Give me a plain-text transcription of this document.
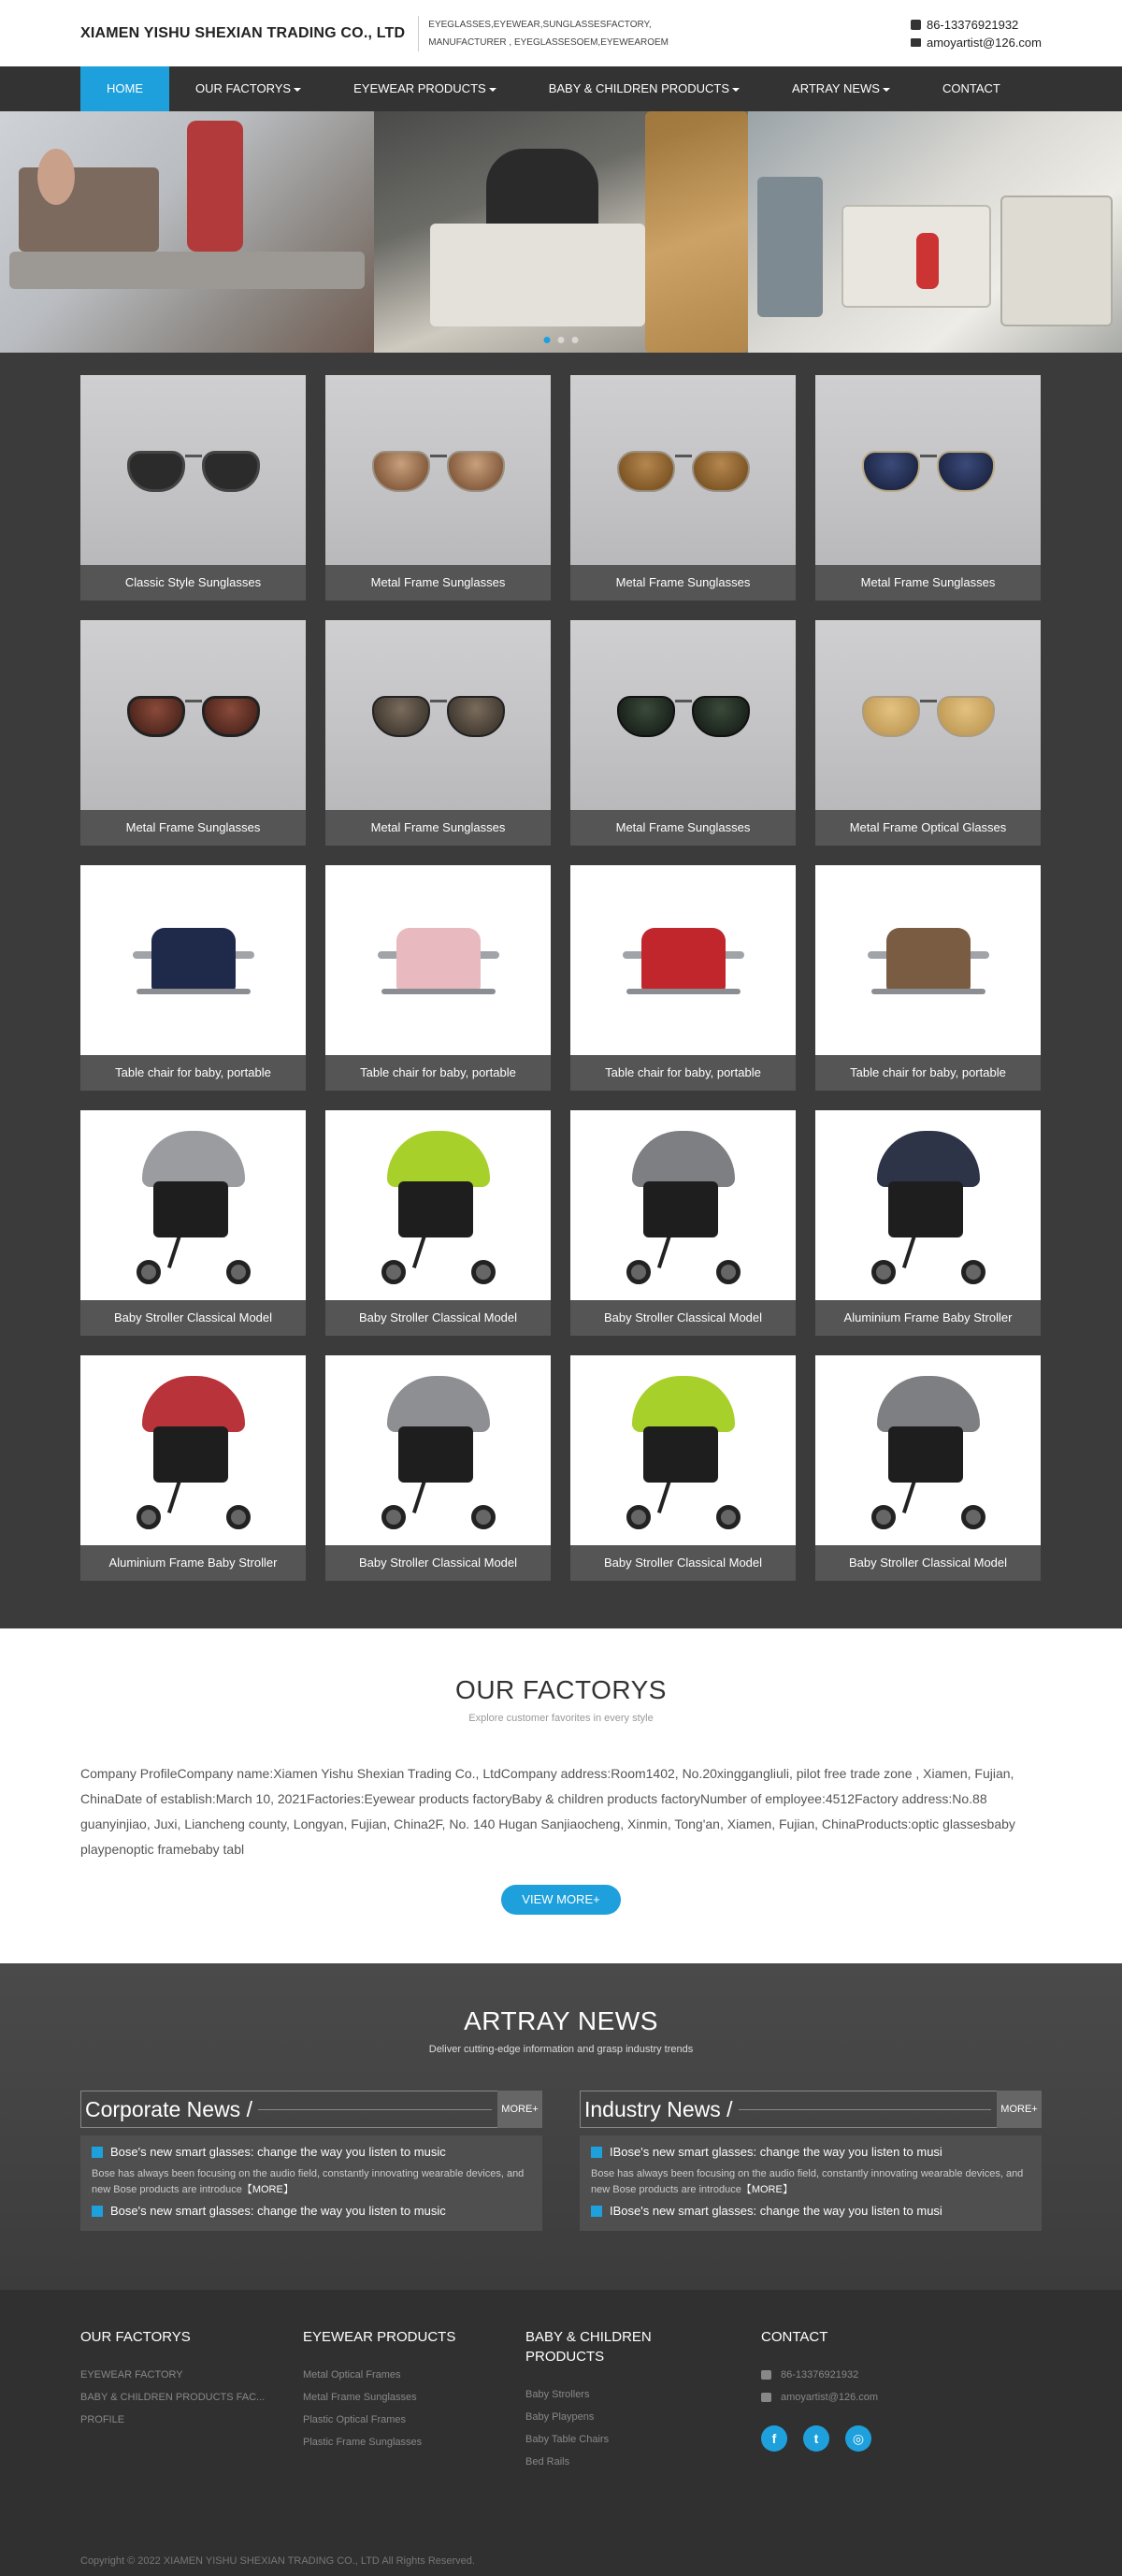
XIAMEN YISHU SHEXIAN TRADING CO., LTD
EYEGLASSES,EYEWEAR,SUNGLASSESFACTORY,
MANUFACTURER , EYEGLASSESOEM,EYEWEAROEM
86-13376921932
amoyartist@126.com
HOME	OUR FACTORYS	EYEWEAR PRODUCTS	BABY & CHILDREN PRODUCTS	ARTRAY NEWS	CONTACT
Classic Style Sunglasses	Metal Frame Sunglasses	Metal Frame Sunglasses	Metal Frame Sunglasses
Metal Frame Sunglasses	Metal Frame Sunglasses	Metal Frame Sunglasses	Metal Frame Optical Glasses
Table chair for baby, portable	Table chair for baby, portable	Table chair for baby, portable	Table chair for baby, portable
Baby Stroller Classical Model	Baby Stroller Classical Model	Baby Stroller Classical Model	Aluminium Frame Baby Stroller
Aluminium Frame Baby Stroller	Baby Stroller Classical Model	Baby Stroller Classical Model	Baby Stroller Classical Model
OUR FACTORYS
Explore customer favorites in every style
Company ProfileCompany name:Xiamen Yishu Shexian Trading Co., LtdCompany address:Room1402, No.20xinggangliuli, pilot free trade zone , Xiamen, Fujian, ChinaDate of establish:March 10, 2021Factories:Eyewear products factoryBaby & children products factoryNumber of employee:4512Factory address:No.88 guanyinjiao, Juxi, Liancheng county, Longyan, Fujian, China2F, No. 140 Hugan Sanjiaocheng, Xinmin, Tong'an, Xiamen, Fujian, ChinaProducts:optic glassesbaby playpenoptic framebaby tabl
VIEW MORE+
ARTRAY NEWS
Deliver cutting-edge information and grasp industry trends
Corporate News /	MORE+
Bose's new smart glasses: change the way you listen to music
Bose has always been focusing on the audio field, constantly innovating wearable devices, and new Bose products are introduce【MORE】
Bose's new smart glasses: change the way you listen to music
Industry News /	MORE+
IBose's new smart glasses: change the way you listen to musi
Bose has always been focusing on the audio field, constantly innovating wearable devices, and new Bose products are introduce【MORE】
IBose's new smart glasses: change the way you listen to musi
OUR FACTORYS
EYEWEAR FACTORY
BABY & CHILDREN PRODUCTS FAC...
PROFILE
EYEWEAR PRODUCTS
Metal Optical Frames
Metal Frame Sunglasses
Plastic Optical Frames
Plastic Frame Sunglasses
BABY & CHILDREN PRODUCTS
Baby Strollers
Baby Playpens
Baby Table Chairs
Bed Rails
CONTACT
86-13376921932
amoyartist@126.com
f	t	◎
Copyright © 2022 XIAMEN YISHU SHEXIAN TRADING CO., LTD All Rights Reserved.
